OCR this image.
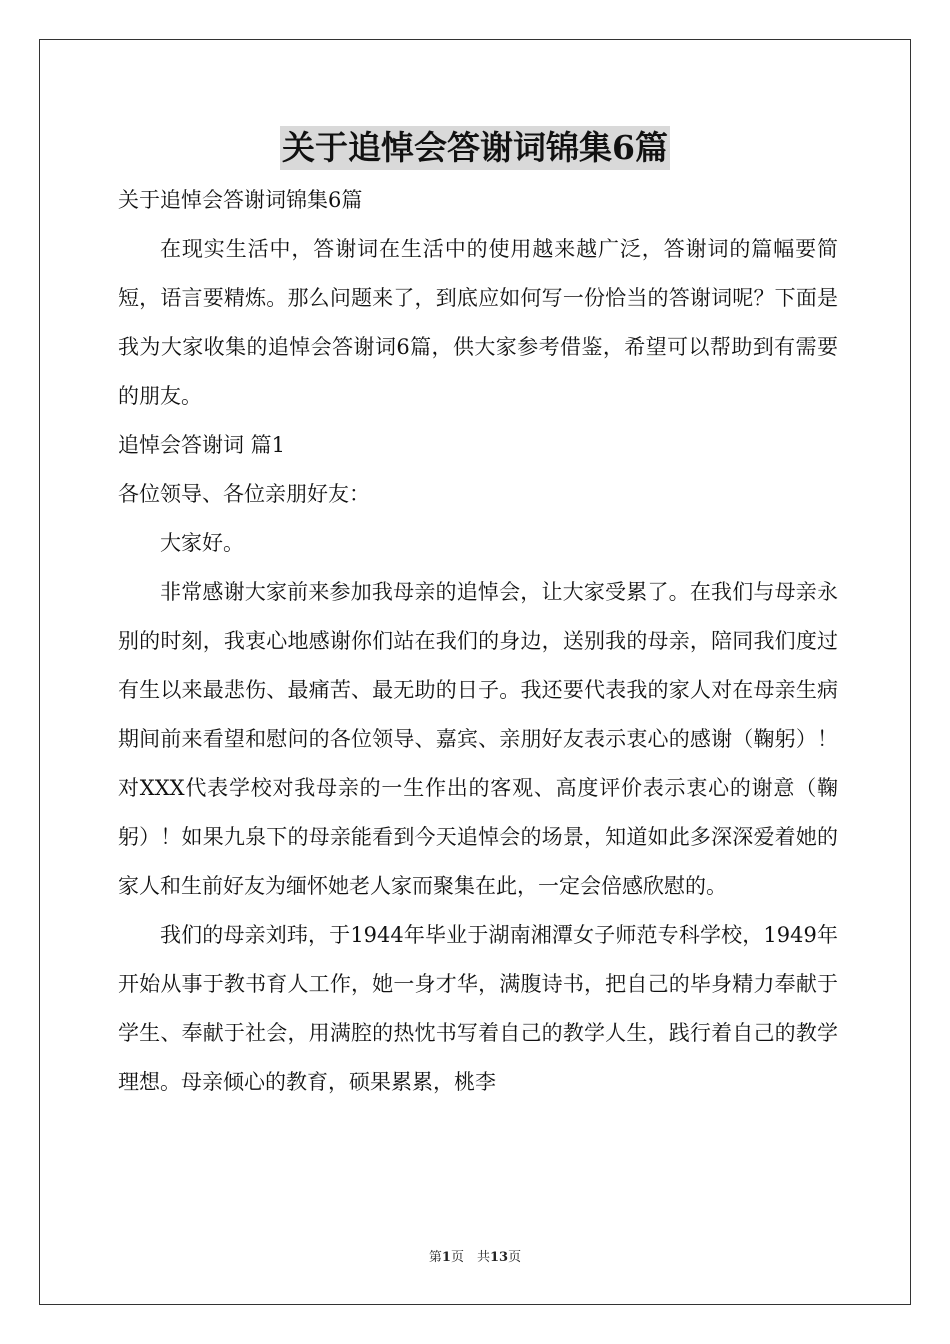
关于追悼会答谢词锦集6篇

关于追悼会答谢词锦集6篇

在现实生活中，答谢词在生活中的使用越来越广泛，答谢词的篇幅要简短，语言要精炼。那么问题来了，到底应如何写一份恰当的答谢词呢？下面是我为大家收集的追悼会答谢词6篇，供大家参考借鉴，希望可以帮助到有需要的朋友。

追悼会答谢词 篇1

各位领导、各位亲朋好友：

大家好。

非常感谢大家前来参加我母亲的追悼会，让大家受累了。在我们与母亲永别的时刻，我衷心地感谢你们站在我们的身边，送别我的母亲，陪同我们度过有生以来最悲伤、最痛苦、最无助的日子。我还要代表我的家人对在母亲生病期间前来看望和慰问的各位领导、嘉宾、亲朋好友表示衷心的感谢（鞠躬）！对XXX代表学校对我母亲的一生作出的客观、高度评价表示衷心的谢意（鞠躬）！如果九泉下的母亲能看到今天追悼会的场景，知道如此多深深爱着她的家人和生前好友为缅怀她老人家而聚集在此，一定会倍感欣慰的。

我们的母亲刘玮，于1944年毕业于湖南湘潭女子师范专科学校，1949年开始从事于教书育人工作，她一身才华，满腹诗书，把自己的毕身精力奉献于学生、奉献于社会，用满腔的热忱书写着自己的教学人生，践行着自己的教学理想。母亲倾心的教育，硕果累累，桃李

第1页　共13页
